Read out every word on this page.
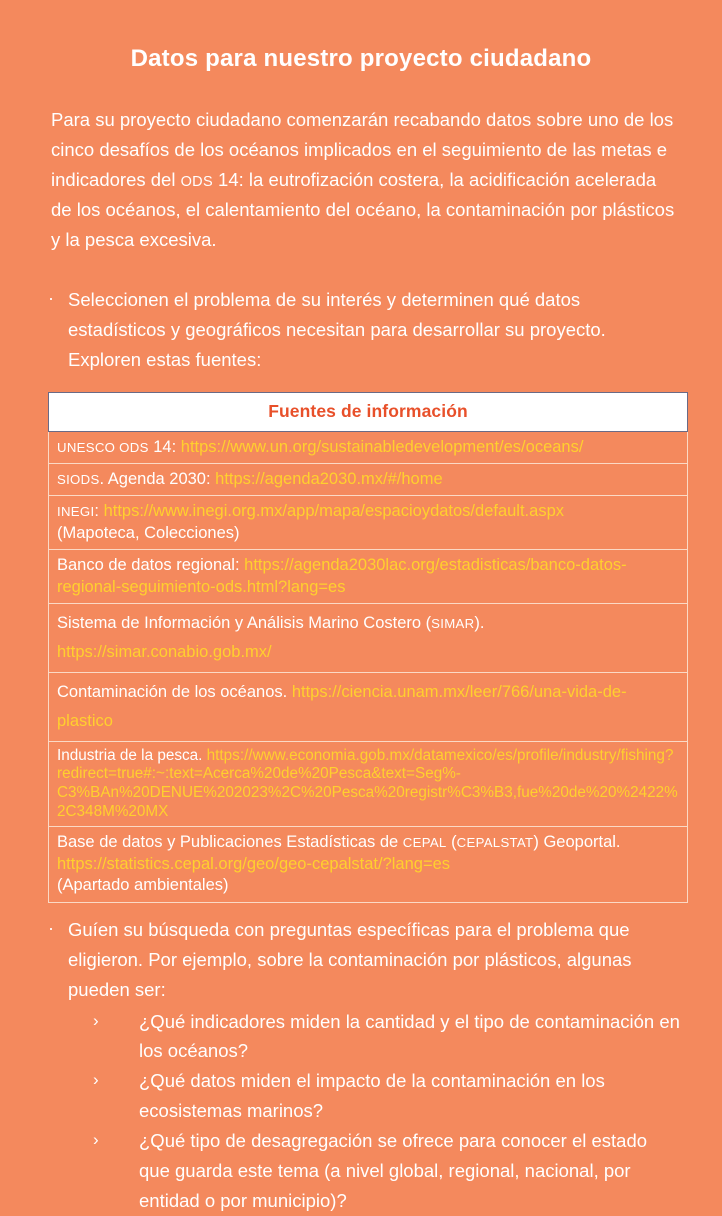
Datos para nuestro proyecto ciudadano
Para su proyecto ciudadano comenzarán recabando datos sobre uno de los cinco desafíos de los océanos implicados en el seguimiento de las metas e indicadores del ODS 14: la eutrofización costera, la acidificación acelerada de los océanos, el calentamiento del océano, la contaminación por plásticos y la pesca excesiva.
· Seleccionen el problema de su interés y determinen qué datos estadísticos y geográficos necesitan para desarrollar su proyecto. Exploren estas fuentes:
Fuentes de información
UNESCO ODS 14: https://www.un.org/sustainabledevelopment/es/oceans/
SIODS. Agenda 2030: https://agenda2030.mx/#/home
INEGI: https://www.inegi.org.mx/app/mapa/espacioydatos/default.aspx
(Mapoteca, Colecciones)
Banco de datos regional: https://agenda2030lac.org/estadisticas/banco-datos-regional-seguimiento-ods.html?lang=es
Sistema de Información y Análisis Marino Costero (SIMAR). https://simar.conabio.gob.mx/
Contaminación de los océanos. https://ciencia.unam.mx/leer/766/una-vida-de-plastico
Industria de la pesca. https://www.economia.gob.mx/datamexico/es/profile/industry/fishing?redirect=true#:~:text=Acerca%20de%20Pesca&text=Seg%-C3%BAn%20DENUE%202023%2C%20Pesca%20registr%C3%B3,fue%20de%20%2422%2C348M%20MX
Base de datos y Publicaciones Estadísticas de CEPAL (CEPALSTAT) Geoportal. https://statistics.cepal.org/geo/geo-cepalstat/?lang=es
(Apartado ambientales)
· Guíen su búsqueda con preguntas específicas para el problema que eligieron. Por ejemplo, sobre la contaminación por plásticos, algunas pueden ser:
› ¿Qué indicadores miden la cantidad y el tipo de contaminación en los océanos?
› ¿Qué datos miden el impacto de la contaminación en los ecosistemas marinos?
› ¿Qué tipo de desagregación se ofrece para conocer el estado que guarda este tema (a nivel global, regional, nacional, por entidad o por municipio)?
